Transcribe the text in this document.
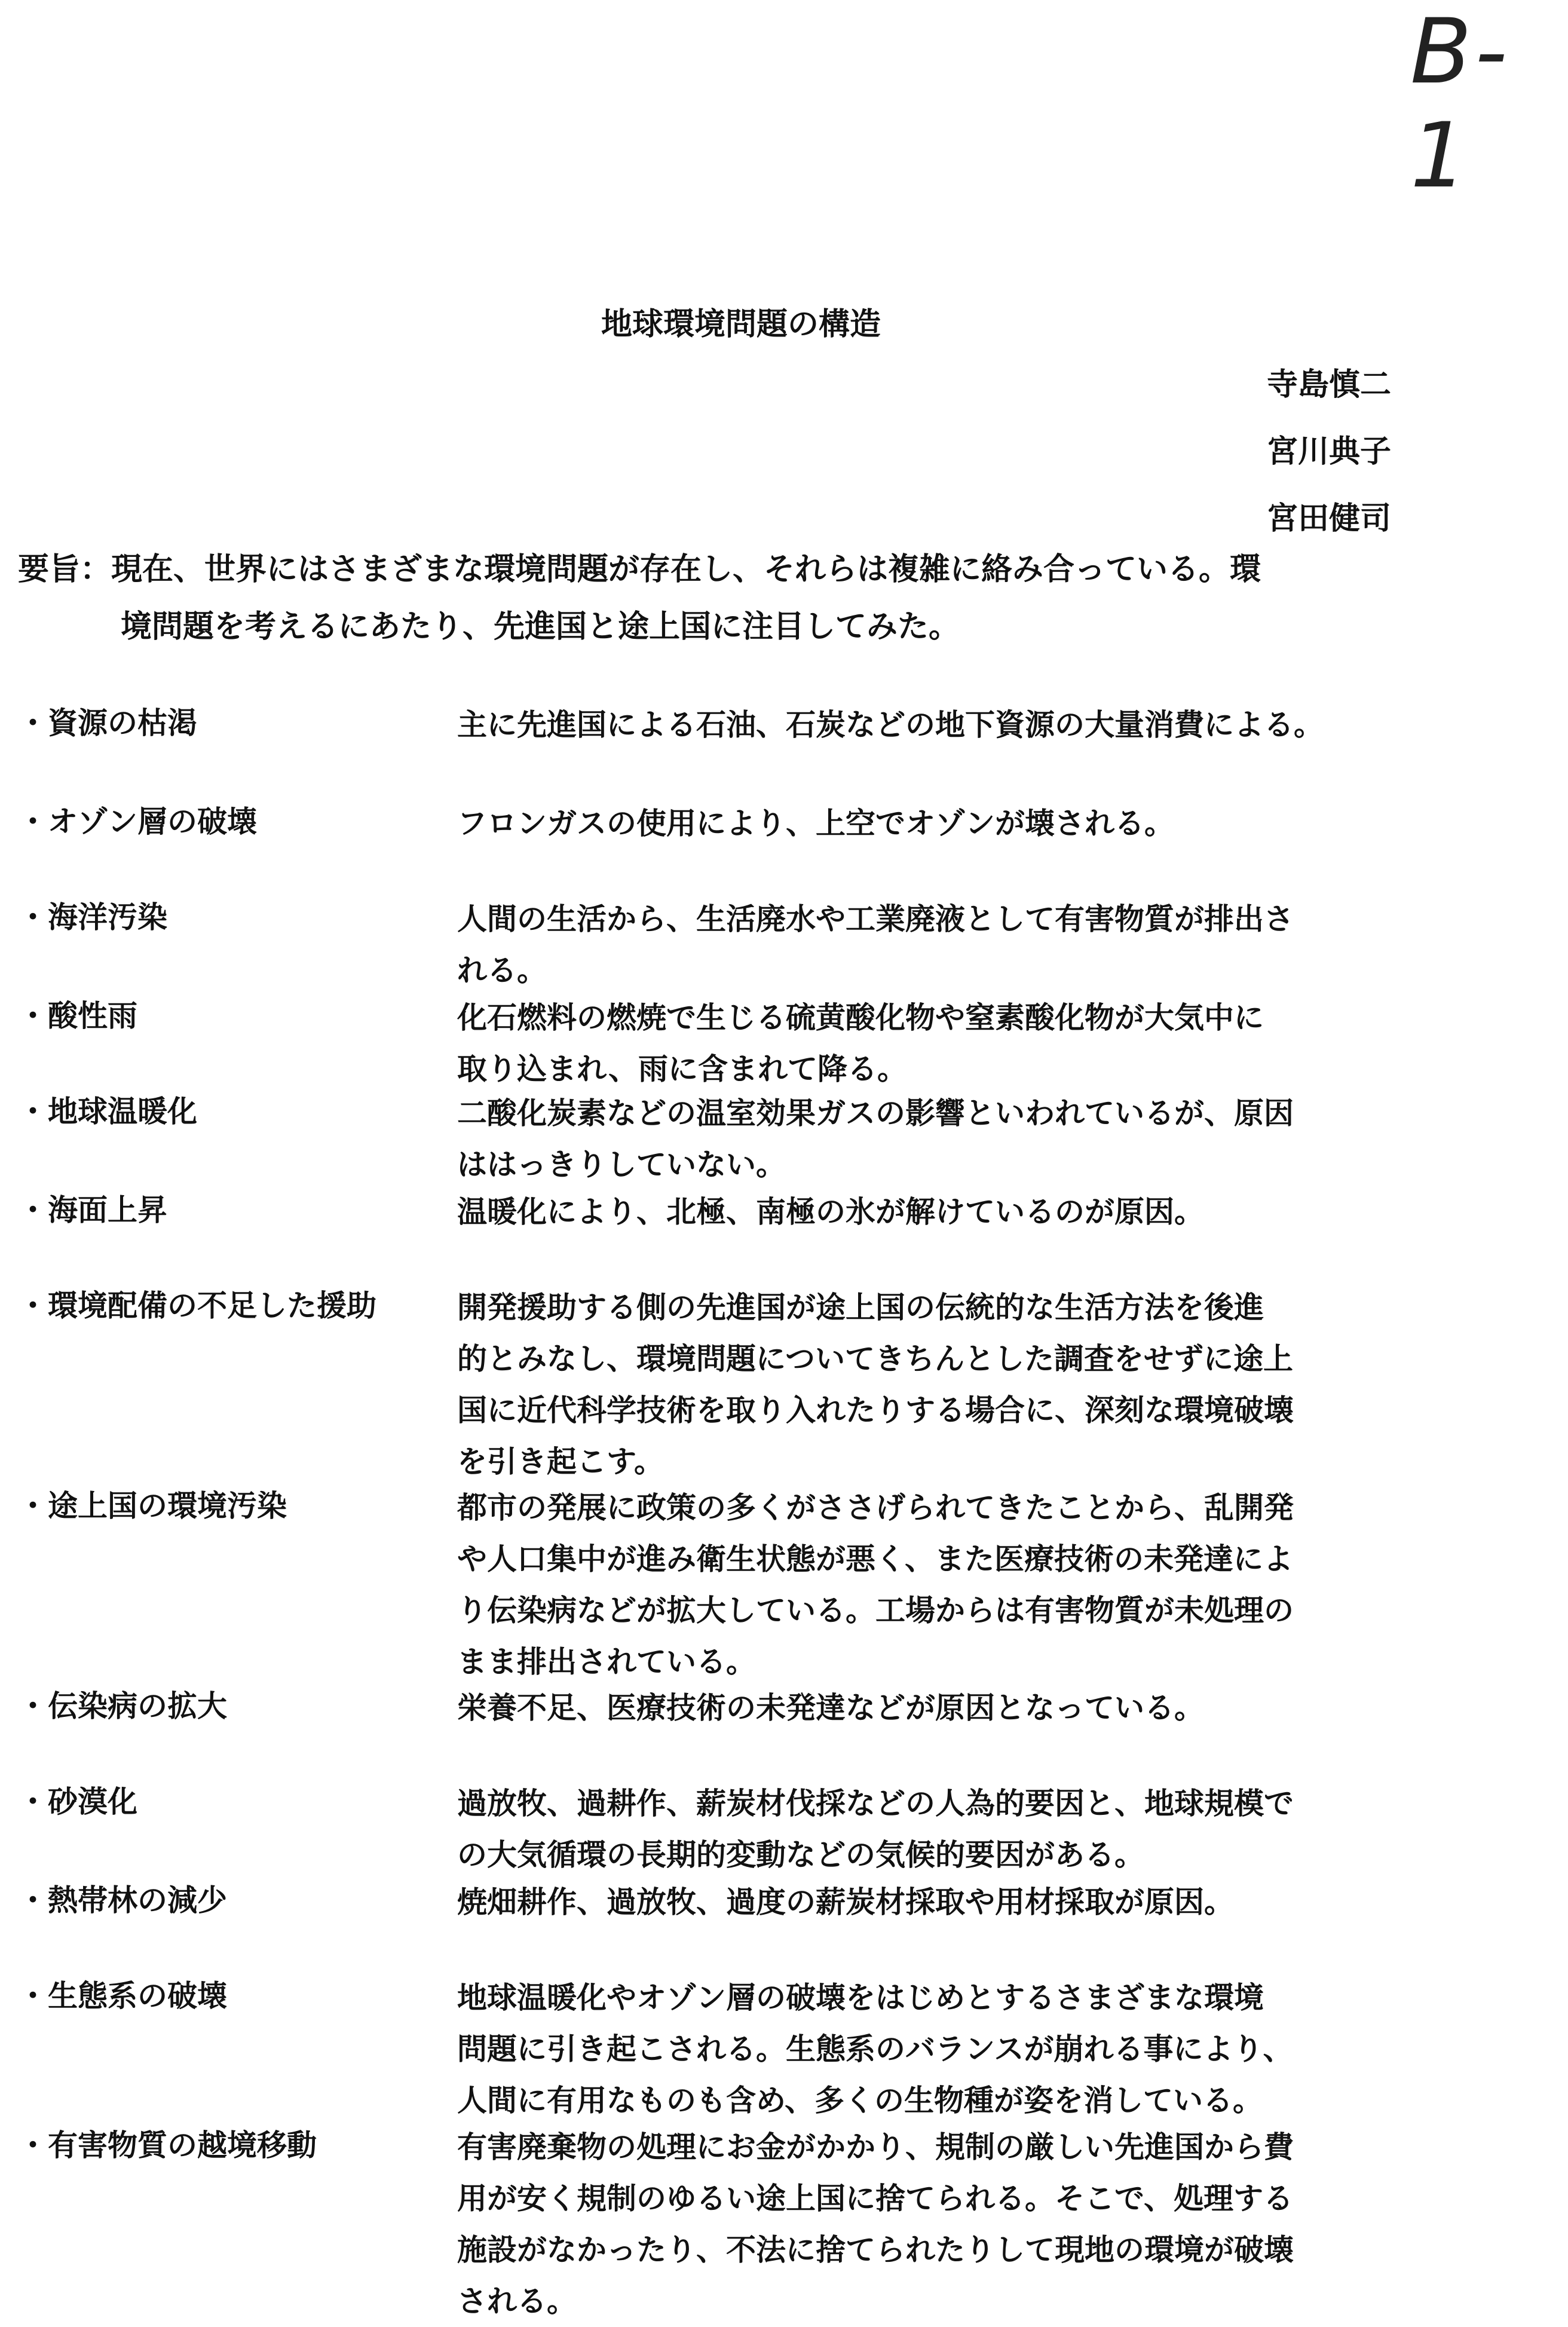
B-1
地球環境問題の構造
寺島慎二
宮川典子
宮田健司
要旨：現在、世界にはさまざまな環境問題が存在し、それらは複雑に絡み合っている。環
境問題を考えるにあたり、先進国と途上国に注目してみた。
・資源の枯渇	主に先進国による石油、石炭などの地下資源の大量消費による。
・オゾン層の破壊	フロンガスの使用により、上空でオゾンが壊される。
・海洋汚染	人間の生活から、生活廃水や工業廃液として有害物質が排出さ
れる。
・酸性雨	化石燃料の燃焼で生じる硫黄酸化物や窒素酸化物が大気中に
取り込まれ、雨に含まれて降る。
・地球温暖化	二酸化炭素などの温室効果ガスの影響といわれているが、原因
ははっきりしていない。
・海面上昇	温暖化により、北極、南極の氷が解けているのが原因。
・環境配備の不足した援助	開発援助する側の先進国が途上国の伝統的な生活方法を後進
的とみなし、環境問題についてきちんとした調査をせずに途上
国に近代科学技術を取り入れたりする場合に、深刻な環境破壊
を引き起こす。
・途上国の環境汚染	都市の発展に政策の多くがささげられてきたことから、乱開発
や人口集中が進み衛生状態が悪く、また医療技術の未発達によ
り伝染病などが拡大している。工場からは有害物質が未処理の
まま排出されている。
・伝染病の拡大	栄養不足、医療技術の未発達などが原因となっている。
・砂漠化	過放牧、過耕作、薪炭材伐採などの人為的要因と、地球規模で
の大気循環の長期的変動などの気候的要因がある。
・熱帯林の減少	焼畑耕作、過放牧、過度の薪炭材採取や用材採取が原因。
・生態系の破壊	地球温暖化やオゾン層の破壊をはじめとするさまざまな環境
問題に引き起こされる。生態系のバランスが崩れる事により、
人間に有用なものも含め、多くの生物種が姿を消している。
・有害物質の越境移動	有害廃棄物の処理にお金がかかり、規制の厳しい先進国から費
用が安く規制のゆるい途上国に捨てられる。そこで、処理する
施設がなかったり、不法に捨てられたりして現地の環境が破壊
される。
